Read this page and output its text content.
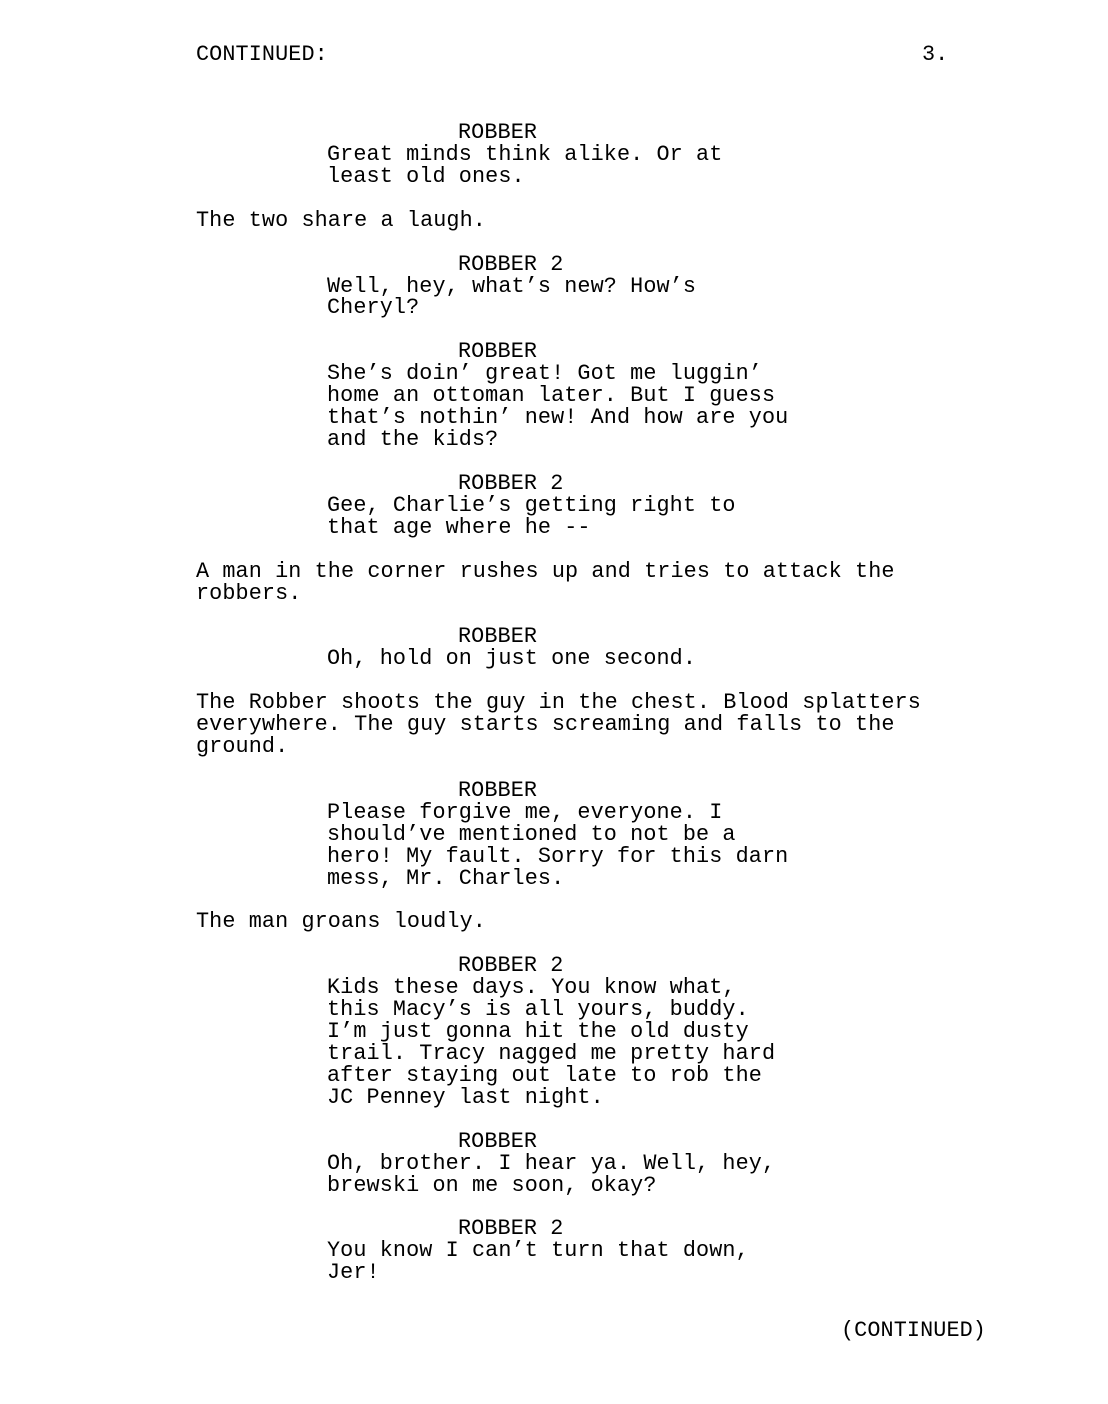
CONTINUED:	3.
ROBBER
Great minds think alike. Or at
least old ones.
The two share a laugh.
ROBBER 2
Well, hey, what’s new? How’s
Cheryl?
ROBBER
She’s doin’ great! Got me luggin’
home an ottoman later. But I guess
that’s nothin’ new! And how are you
and the kids?
ROBBER 2
Gee, Charlie’s getting right to
that age where he --
A man in the corner rushes up and tries to attack the
robbers.
ROBBER
Oh, hold on just one second.
The Robber shoots the guy in the chest. Blood splatters
everywhere. The guy starts screaming and falls to the
ground.
ROBBER
Please forgive me, everyone. I
should’ve mentioned to not be a
hero! My fault. Sorry for this darn
mess, Mr. Charles.
The man groans loudly.
ROBBER 2
Kids these days. You know what,
this Macy’s is all yours, buddy.
I’m just gonna hit the old dusty
trail. Tracy nagged me pretty hard
after staying out late to rob the
JC Penney last night.
ROBBER
Oh, brother. I hear ya. Well, hey,
brewski on me soon, okay?
ROBBER 2
You know I can’t turn that down,
Jer!
(CONTINUED)
